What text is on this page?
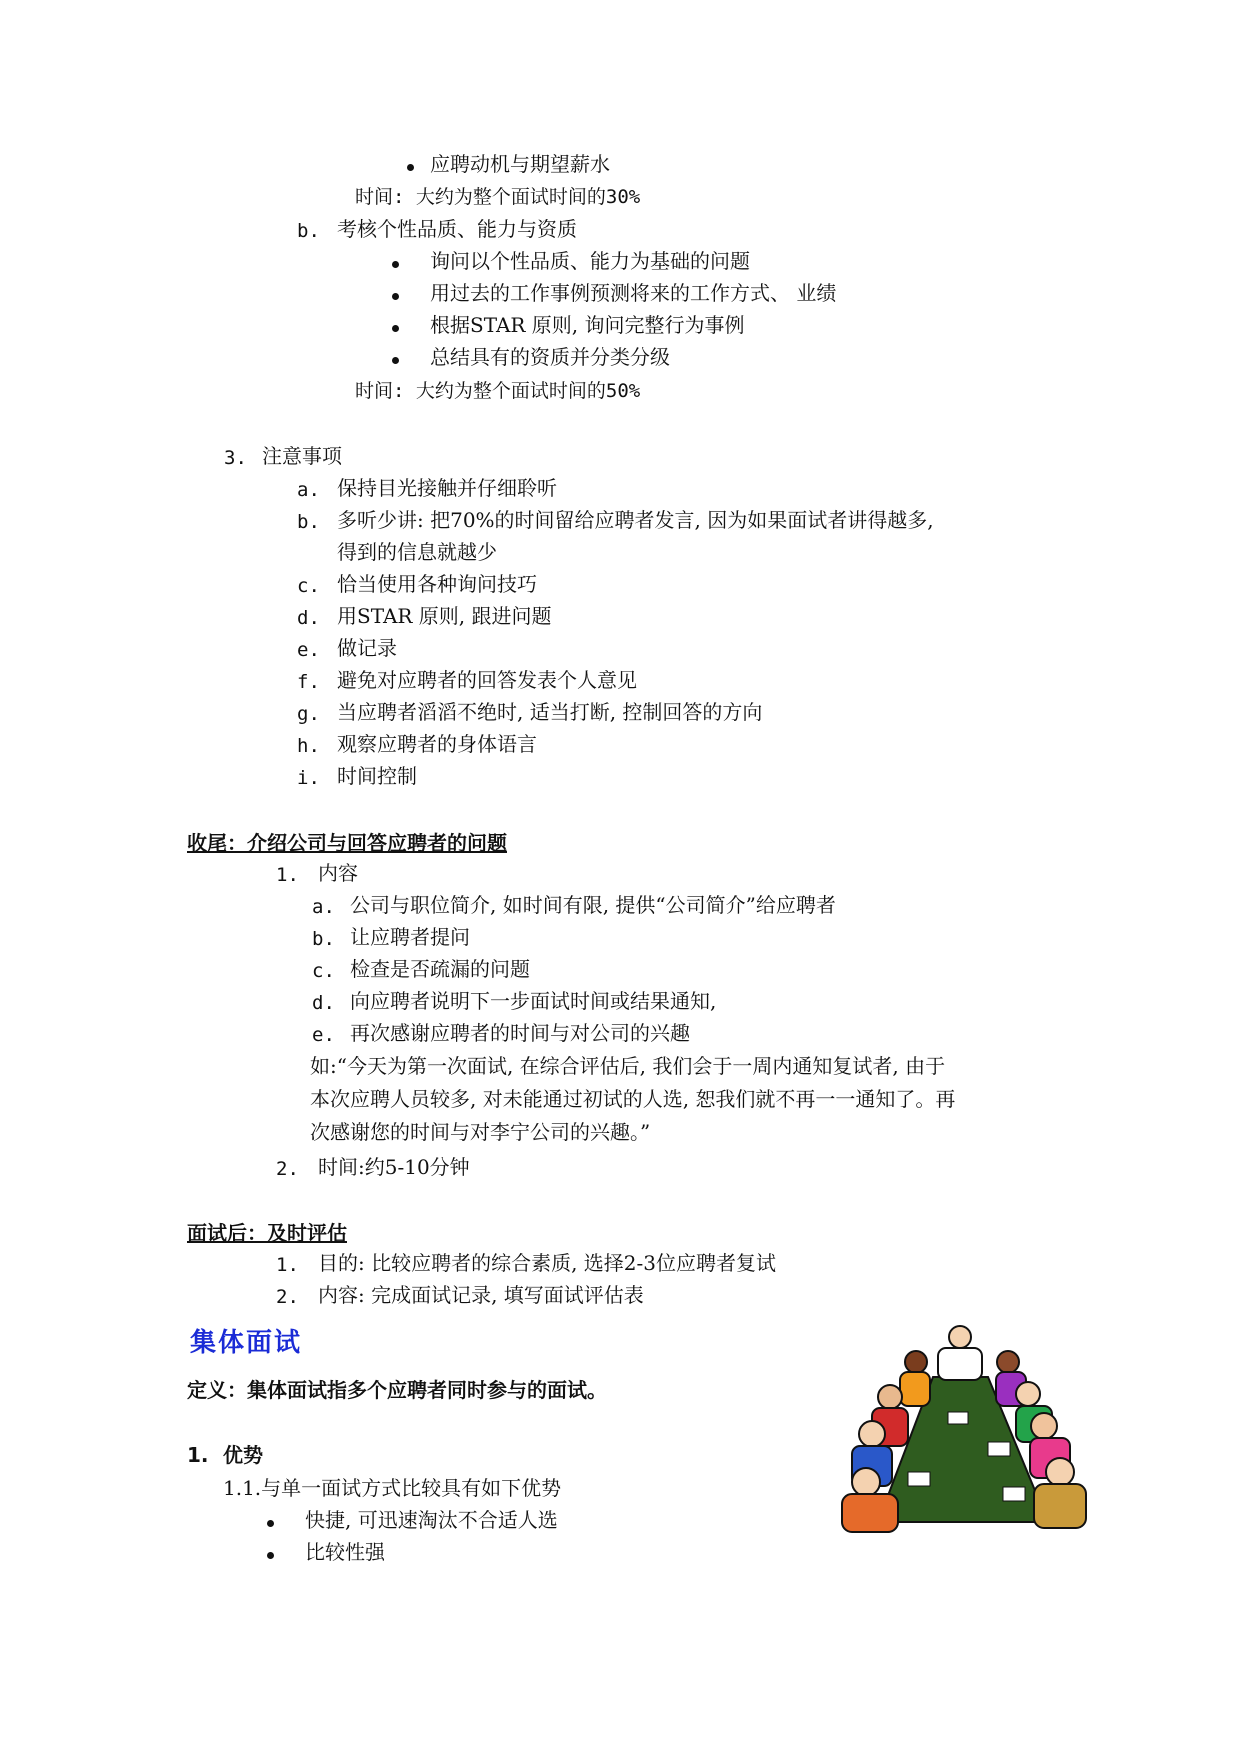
应聘动机与期望薪水
时间: 大约为整个面试时间的30%
b. 考核个性品质、能力与资质
询问以个性品质、能力为基础的问题
用过去的工作事例预测将来的工作方式、 业绩
根据STAR 原则, 询问完整行为事例
总结具有的资质并分类分级
时间: 大约为整个面试时间的50%
3. 注意事项
a. 保持目光接触并仔细聆听
b. 多听少讲: 把70%的时间留给应聘者发言, 因为如果面试者讲得越多,
得到的信息就越少
c. 恰当使用各种询问技巧
d. 用STAR 原则, 跟进问题
e. 做记录
f. 避免对应聘者的回答发表个人意见
g. 当应聘者滔滔不绝时, 适当打断, 控制回答的方向
h. 观察应聘者的身体语言
i. 时间控制
收尾：介绍公司与回答应聘者的问题
1. 内容
a. 公司与职位简介, 如时间有限, 提供“公司简介”给应聘者
b. 让应聘者提问
c. 检查是否疏漏的问题
d. 向应聘者说明下一步面试时间或结果通知,
e. 再次感谢应聘者的时间与对公司的兴趣
如:“今天为第一次面试, 在综合评估后, 我们会于一周内通知复试者, 由于
本次应聘人员较多, 对未能通过初试的人选, 恕我们就不再一一通知了。再
次感谢您的时间与对李宁公司的兴趣。”
2. 时间:约5-10分钟
面试后：及时评估
1. 目的: 比较应聘者的综合素质, 选择2-3位应聘者复试
2. 内容: 完成面试记录, 填写面试评估表
集体面试
定义：集体面试指多个应聘者同时参与的面试。
1. 优势
1.1.与单一面试方式比较具有如下优势
快捷, 可迅速淘汰不合适人选
比较性强
